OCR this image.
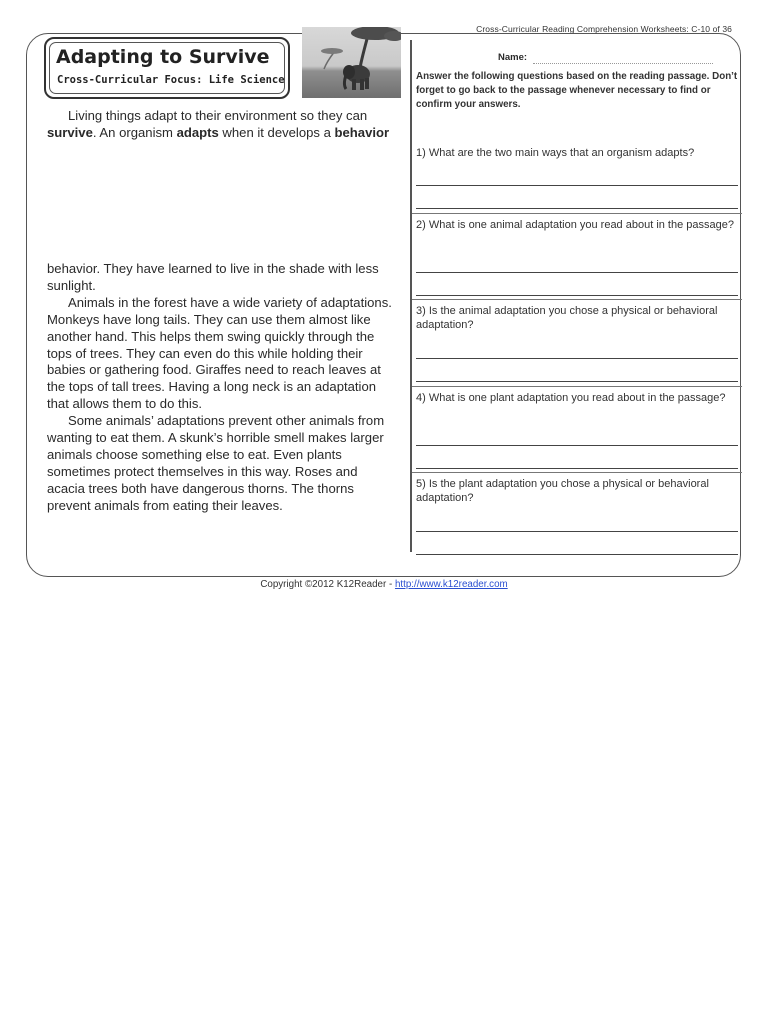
Cross-Curricular Reading Comprehension Worksheets: C-10 of 36
Adapting to Survive
Cross-Curricular Focus: Life Science
Name:

Answer the following questions based on the reading passage. Don’t forget to go back to the passage whenever necessary to find or confirm your answers.

Living things adapt to their environment so they can survive. An organism adapts when it develops a behavior

behavior. They have learned to live in the shade with less sunlight.

Animals in the forest have a wide variety of adaptations. Monkeys have long tails. They can use them almost like another hand. This helps them swing quickly through the tops of trees. They can even do this while holding their babies or gathering food. Giraffes need to reach leaves at the tops of tall trees. Having a long neck is an adaptation that allows them to do this.

Some animals’ adaptations prevent other animals from wanting to eat them. A skunk’s horrible smell makes larger animals choose something else to eat. Even plants sometimes protect themselves in this way. Roses and acacia trees both have dangerous thorns. The thorns prevent animals from eating their leaves.

1) What are the two main ways that an organism adapts?

2) What is one animal adaptation you read about in the passage?

3) Is the animal adaptation you chose a physical or behavioral adaptation?

4) What is one plant adaptation you read about in the passage?

5) Is the plant adaptation you chose a physical or behavioral adaptation?

Copyright ©2012 K12Reader - http://www.k12reader.com
